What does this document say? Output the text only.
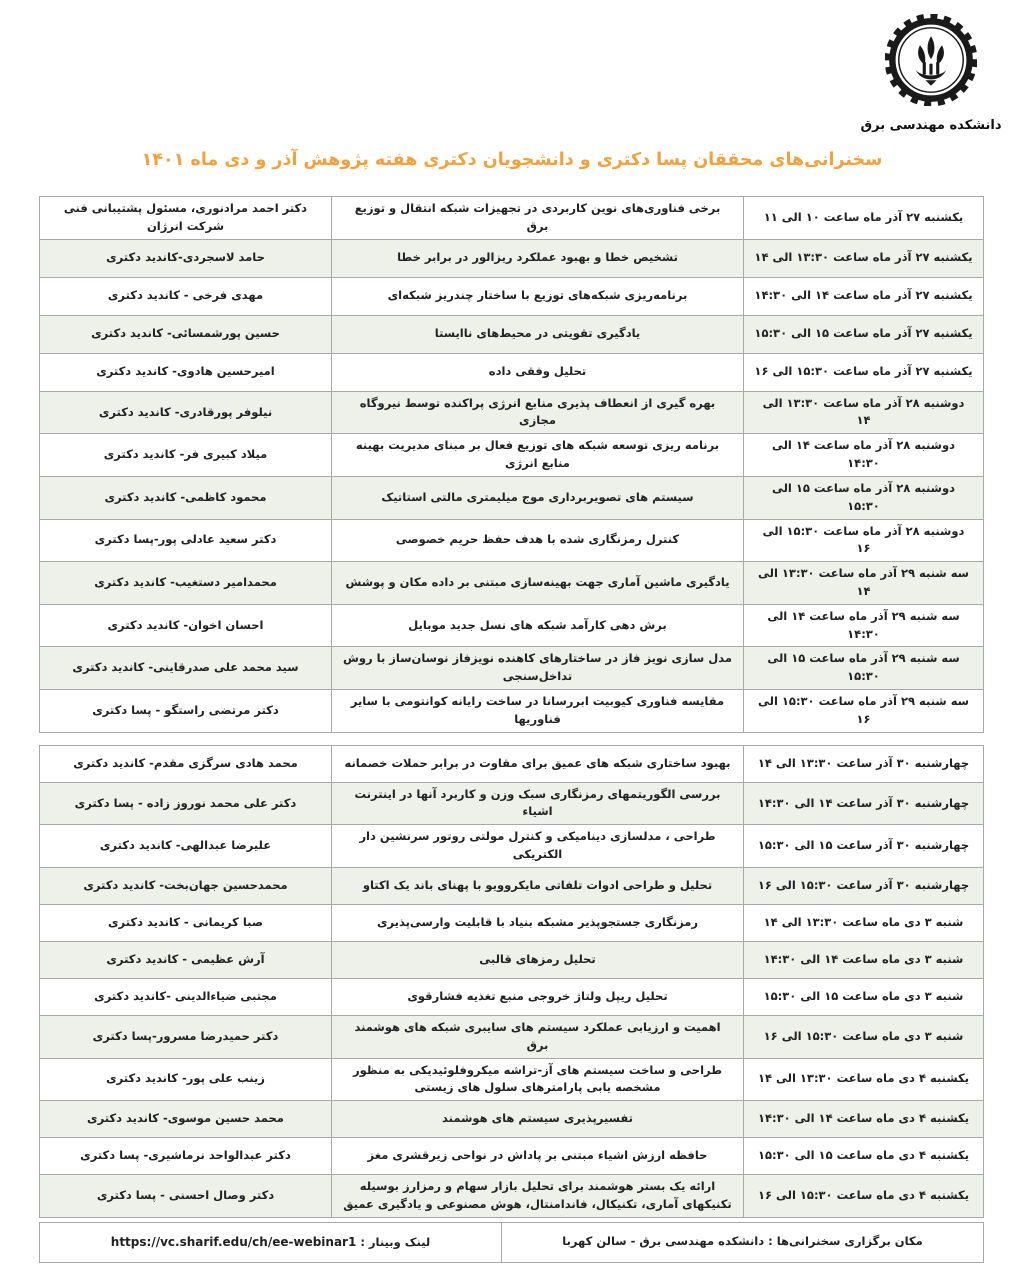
دانشکده مهندسی برق
سخنرانی‌های محققان پسا دکتری و دانشجویان دکتری هفته پژوهش آذر و دی ماه ۱۴۰۱
یکشنبه ۲۷ آذر ماه ساعت ۱۰ الی ۱۱	برخی فناوری‌های نوین کاربردی در تجهیزات شبکه انتقال و توزیع برق	دکتر احمد مرادنوری، مسئول پشتیبانی فنی شرکت انرژان
یکشنبه ۲۷ آذر ماه ساعت ۱۳:۳۰ الی ۱۴	تشخیص خطا و بهبود عملکرد ریزالور در برابر خطا	حامد لاسجردی-کاندید دکتری
یکشنبه ۲۷ آذر ماه ساعت ۱۴ الی ۱۴:۳۰	برنامه‌ریزی شبکه‌های توزیع با ساختار چندریز شبکه‌ای	مهدی فرخی - کاندید دکتری
یکشنبه ۲۷ آذر ماه ساعت ۱۵ الی ۱۵:۳۰	یادگیری تقویتی در محیط‌های ناایستا	حسین پورشمسائی- کاندید دکتری
یکشنبه ۲۷ آذر ماه ساعت ۱۵:۳۰ الی ۱۶	تحلیل وفقی داده	امیرحسین هادوی- کاندید دکتری
دوشنبه ۲۸ آذر ماه ساعت ۱۳:۳۰ الی ۱۴	بهره گیری از انعطاف پذیری منابع انرژی پراکنده توسط نیروگاه مجازی	نیلوفر پورقادری- کاندید دکتری
دوشنبه ۲۸ آذر ماه ساعت ۱۴ الی ۱۴:۳۰	برنامه ریزی توسعه شبکه های توزیع فعال بر مبنای مدیریت بهینه منابع انرژی	میلاد کبیری فر- کاندید دکتری
دوشنبه ۲۸ آذر ماه ساعت ۱۵ الی ۱۵:۳۰	سیستم های تصویربرداری موج میلیمتری مالتی استاتیک	محمود کاظمی- کاندید دکتری
دوشنبه ۲۸ آذر ماه ساعت ۱۵:۳۰ الی ۱۶	کنترل رمزنگاری شده با هدف حفظ حریم خصوصی	دکتر سعید عادلی پور-پسا دکتری
سه شنبه ۲۹ آذر ماه ساعت ۱۳:۳۰ الی ۱۴	یادگیری ماشین آماری جهت بهینه‌سازی مبتنی بر داده مکان و پوشش	محمدامیر دستغیب- کاندید دکتری
سه شنبه ۲۹ آذر ماه ساعت ۱۴ الی ۱۴:۳۰	برش دهی کارآمد شبکه های نسل جدید موبایل	احسان اخوان- کاندید دکتری
سه شنبه ۲۹ آذر ماه ساعت ۱۵ الی ۱۵:۳۰	مدل سازی نویز فاز در ساختارهای کاهنده نویزفاز نوسان‌ساز با روش تداخل‌سنجی	سید محمد علی صدرقاینی- کاندید دکتری
سه شنبه ۲۹ آذر ماه ساعت ۱۵:۳۰ الی ۱۶	مقایسه فناوری کیوبیت ابررسانا در ساخت رایانه کوانتومی با سایر فناوریها	دکتر مرتضی راستگو - پسا دکتری
چهارشنبه ۳۰ آذر ساعت ۱۳:۳۰ الی ۱۴	بهبود ساختاری شبکه های عمیق برای مقاوت در برابر حملات خصمانه	محمد هادی سرگزی مقدم- کاندید دکتری
چهارشنبه ۳۰ آذر ساعت ۱۴ الی ۱۴:۳۰	بررسی الگوریتمهای رمزنگاری سبک وزن و کاربرد آنها در اینترنت اشیاء	دکتر علی محمد نوروز زاده - پسا دکتری
چهارشنبه ۳۰ آذر ساعت ۱۵ الی ۱۵:۳۰	طراحی ، مدلسازی دینامیکی و کنترل مولتی روتور سرنشین دار الکتریکی	علیرضا عبدالهی- کاندید دکتری
چهارشنبه ۳۰ آذر ساعت ۱۵:۳۰ الی ۱۶	تحلیل و طراحی ادوات تلفاتی مایکروویو با پهنای باند یک اکتاو	محمدحسین جهان‌بخت- کاندید دکتری
شنبه ۳ دی ماه ساعت ۱۳:۳۰ الی ۱۴	رمزنگاری جستجوپذیر مشبکه بنیاد با قابلیت وارسی‌پذیری	صبا کریمانی - کاندید دکتری
شنبه ۳ دی ماه ساعت ۱۴ الی ۱۴:۳۰	تحلیل رمزهای قالبی	آرش عظیمی - کاندید دکتری
شنبه ۳ دی ماه ساعت ۱۵ الی ۱۵:۳۰	تحلیل ریپل ولتاژ خروجی منبع تغذیه فشارقوی	مجتبی ضیاءالدینی -کاندید دکتری
شنبه ۳ دی ماه ساعت ۱۵:۳۰ الی ۱۶	اهمیت و ارزیابی عملکرد سیستم های سایبری شبکه های هوشمند برق	دکتر حمیدرضا مسرور-پسا دکتری
یکشنبه ۴ دی ماه ساعت ۱۳:۳۰ الی ۱۴	طراحی و ساخت سیستم های آز-تراشه میکروفلوئیدیکی به منظور مشخصه یابی پارامترهای سلول های زیستی	زینب علی پور- کاندید دکتری
یکشنبه ۴ دی ماه ساعت ۱۴ الی ۱۴:۳۰	تفسیرپذیری سیستم های هوشمند	محمد حسین موسوی- کاندید دکتری
یکشنبه ۴ دی ماه ساعت ۱۵ الی ۱۵:۳۰	حافظه ارزش اشیاء مبتنی بر پاداش در نواحی زیرقشری مغز	دکتر عبدالواحد نرماشیری- پسا دکتری
یکشنبه ۴ دی ماه ساعت ۱۵:۳۰ الی ۱۶	ارائه یک بستر هوشمند برای تحلیل بازار سهام و رمزارز بوسیله تکنیکهای آماری، تکنیکال، فاندامنتال، هوش مصنوعی و یادگیری عمیق	دکتر وصال احسنی - پسا دکتری
مکان برگزاری سخنرانی‌ها : دانشکده مهندسی برق - سالن کهربا	لینک وبینار : https://vc.sharif.edu/ch/ee-webinar1
